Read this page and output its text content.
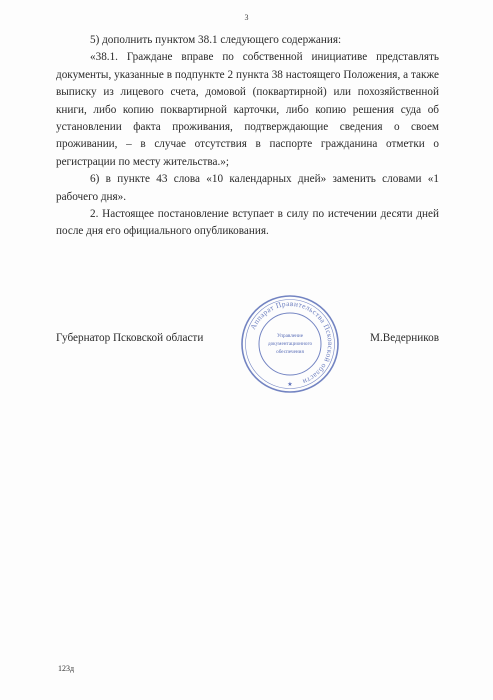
3

5) дополнить пунктом 38.1 следующего содержания:

«38.1. Граждане вправе по собственной инициативе представлять документы, указанные в подпункте 2 пункта 38 настоящего Положения, а также выписку из лицевого счета, домовой (поквартирной) или похозяйственной книги, либо копию поквартирной карточки, либо копию решения суда об установлении факта проживания, подтверждающие сведения о своем проживании, – в случае отсутствия в паспорте гражданина отметки о регистрации по месту жительства.»;

6) в пункте 43 слова «10 календарных дней» заменить словами «1 рабочего дня».

2. Настоящее постановление вступает в силу по истечении десяти дней после дня его официального опубликования.

Губернатор Псковской области	М.Ведерников
Аппарат Правительства Псковской области
Управление
документационного
обеспечения
★
123д
